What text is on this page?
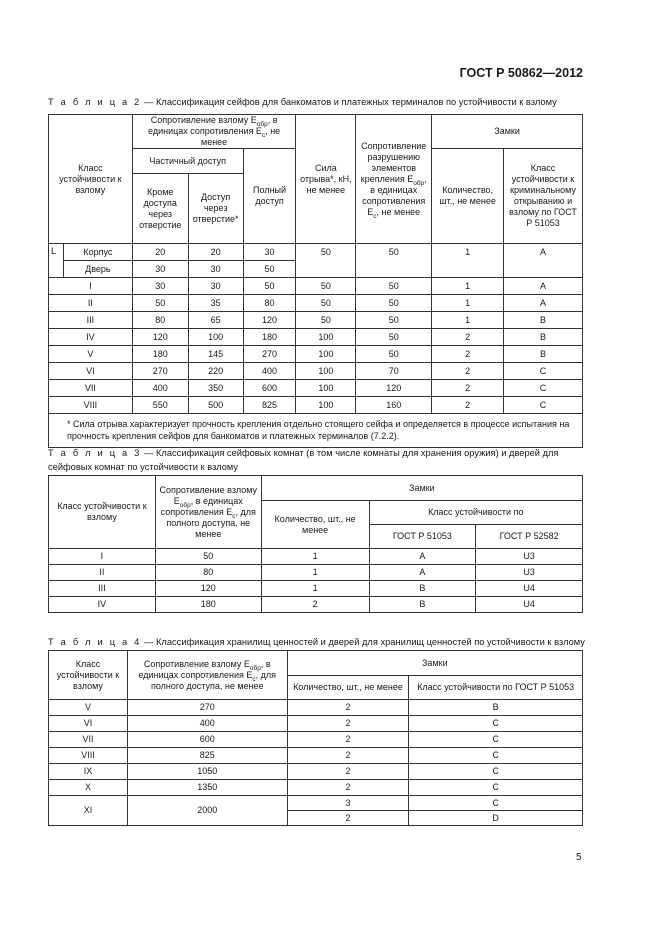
ГОСТ Р 50862—2012
Т а б л и ц а 2 — Классификация сейфов для банкоматов и платежных терминалов по устойчивости к взлому
Класс устойчивости к взлому		Сопротивление взлому $E_{обр}$, в единицах сопротивления $E_c$, не менее			Сила отрыва*, кН, не менее	Сопротивление разрушению элементов крепления $E_{обр}$, в единицах сопротивления $E_с$, не менее	Замки	
		Частичный доступ		Полный доступ			Количество, шт., не менее	Класс устойчивости к криминальному открыванию и взлому по ГОСТ Р 51053
		Кроме доступа через отверстие	Доступ через отверстие*					
L	Корпус	20	20	30	50	50	1	А
	Дверь	30	30	50				
I		30	30	50	50	50	1	А
II		50	35	80	50	50	1	А
III		80	65	120	50	50	1	В
IV		120	100	180	100	50	2	В
V		180	145	270	100	50	2	В
VI		270	220	400	100	70	2	С
VII		400	350	600	100	120	2	С
VIII		550	500	825	100	160	2	С

* Сила отрыва характеризует прочность крепления отдельно стоящего сейфа и определяется в процессе испытания на прочность крепления сейфов для банкоматов и платежных терминалов (7.2.2).								
Т а б л и ц а 3 — Классификация сейфовых комнат (в том числе комнаты для хранения оружия) и дверей для сейфовых комнат по устойчивости к взлому
Класс устойчивости к взлому	Сопротивление взлому $E_{обр}$, в единицах сопротивления $E_c$, для полного доступа, не менее	Замки		
		Количество, шт., не менее	Класс устойчивости по	
			ГОСТ Р 51053	ГОСТ Р 52582
I	50	1	А	U3
II	80	1	А	U3
III	120	1	В	U4
IV	180	2	В	U4
Т а б л и ц а 4 — Классификация хранилищ ценностей и дверей для хранилищ ценностей по устойчивости к взлому
Класс устойчивости к взлому	Сопротивление взлому $E_{обр}$, в единицах сопротивления $E_с$, для полного доступа, не менее	Замки	
		Количество, шт., не менее	Класс устойчивости по ГОСТ Р 51053
V	270	2	В
VI	400	2	С
VII	600	2	С
VIII	825	2	С
IX	1050	2	С
X	1350	2	С
XI	2000	3	С
		2	D
5
